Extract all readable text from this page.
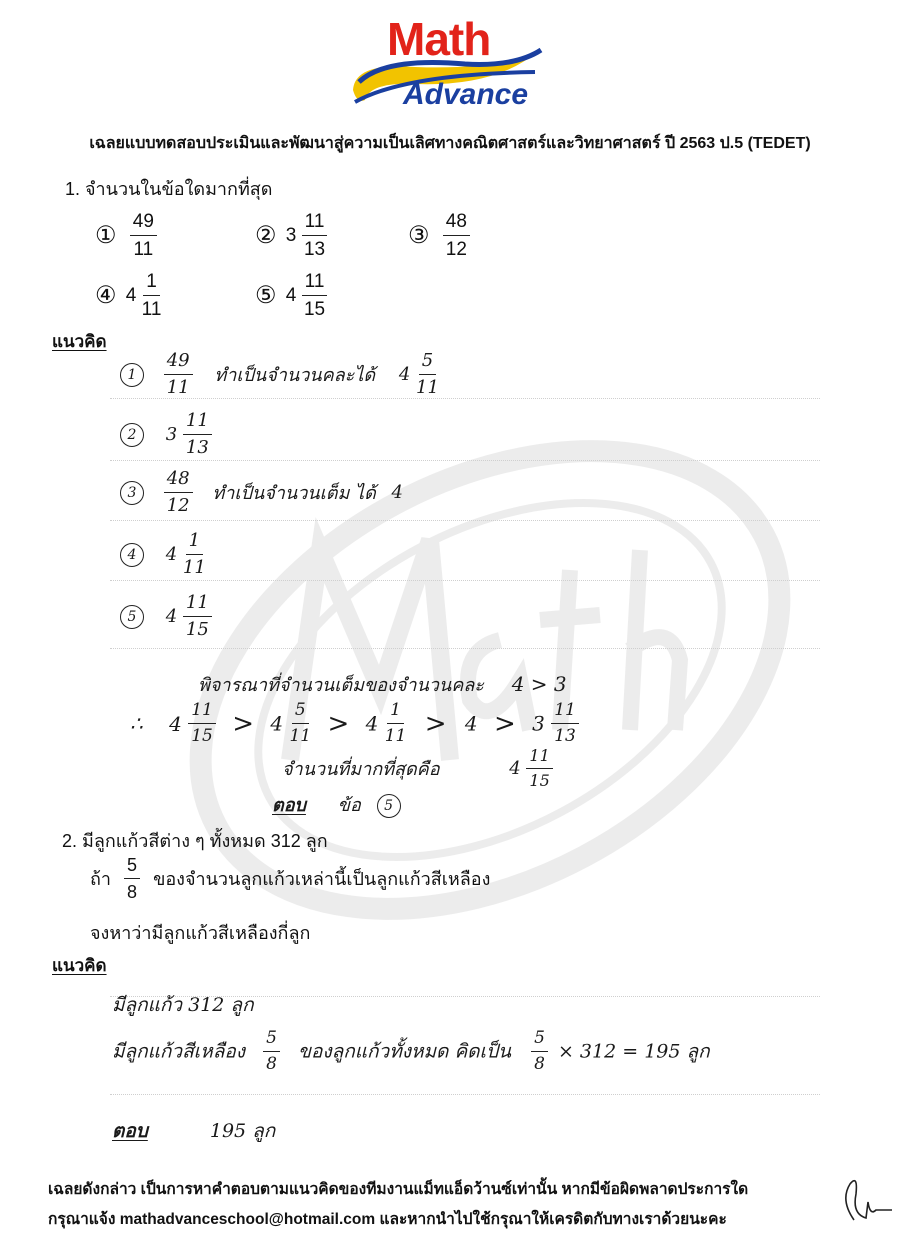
Math
Advance
เฉลยแบบทดสอบประเมินและพัฒนาสู่ความเป็นเลิศทางคณิตศาสตร์และวิทยาศาสตร์ ปี 2563 ป.5 (TEDET)
1. จำนวนในข้อใดมากที่สุด
① $\frac{49}{11}$	② $3 \frac{11}{13}$	③ $\frac{48}{12}$
④ $4 \frac{1}{11}$	⑤ $4 \frac{11}{15}$
แนวคิด
$1 \frac{49}{11}$ ทำเป็นจำนวนคละได้ $4 \frac{5}{11}$
2 $3 \frac{11}{13}$
$3 \frac{48}{12}$ ทำเป็นจำนวนเต็ม ได้ 4
4 $4 \frac{1}{11}$
5 $4 \frac{11}{15}$
พิจารณาที่จำนวนเต็มของจำนวนคละ 4 > 3
∴ $4 \frac{11}{15} > 4 \frac{5}{11} > 4 \frac{1}{11} > 4 > 3 \frac{11}{13}$
จำนวนที่มากที่สุดคือ	$4 \frac{11}{15}$
ตอบ ข้อ 5
2. มีลูกแก้วสีต่าง ๆ ทั้งหมด 312 ลูก
ถ้า $\frac{5}{8}$ ของจำนวนลูกแก้วเหล่านี้เป็นลูกแก้วสีเหลือง
จงหาว่ามีลูกแก้วสีเหลืองกี่ลูก
แนวคิด
มีลูกแก้ว 312 ลูก
มีลูกแก้วสีเหลือง $\frac{5}{8}$ ของลูกแก้วทั้งหมด คิดเป็น $\frac{5}{8} \times 312 = 195$ ลูก
ตอบ	195 ลูก
เฉลยดังกล่าว เป็นการหาคำตอบตามแนวคิดของทีมงานแม็ทแอ็ดว้านซ์เท่านั้น หากมีข้อผิดพลาดประการใด
กรุณาแจ้ง mathadvanceschool@hotmail.com และหากนำไปใช้กรุณาให้เครดิตกับทางเราด้วยนะคะ
